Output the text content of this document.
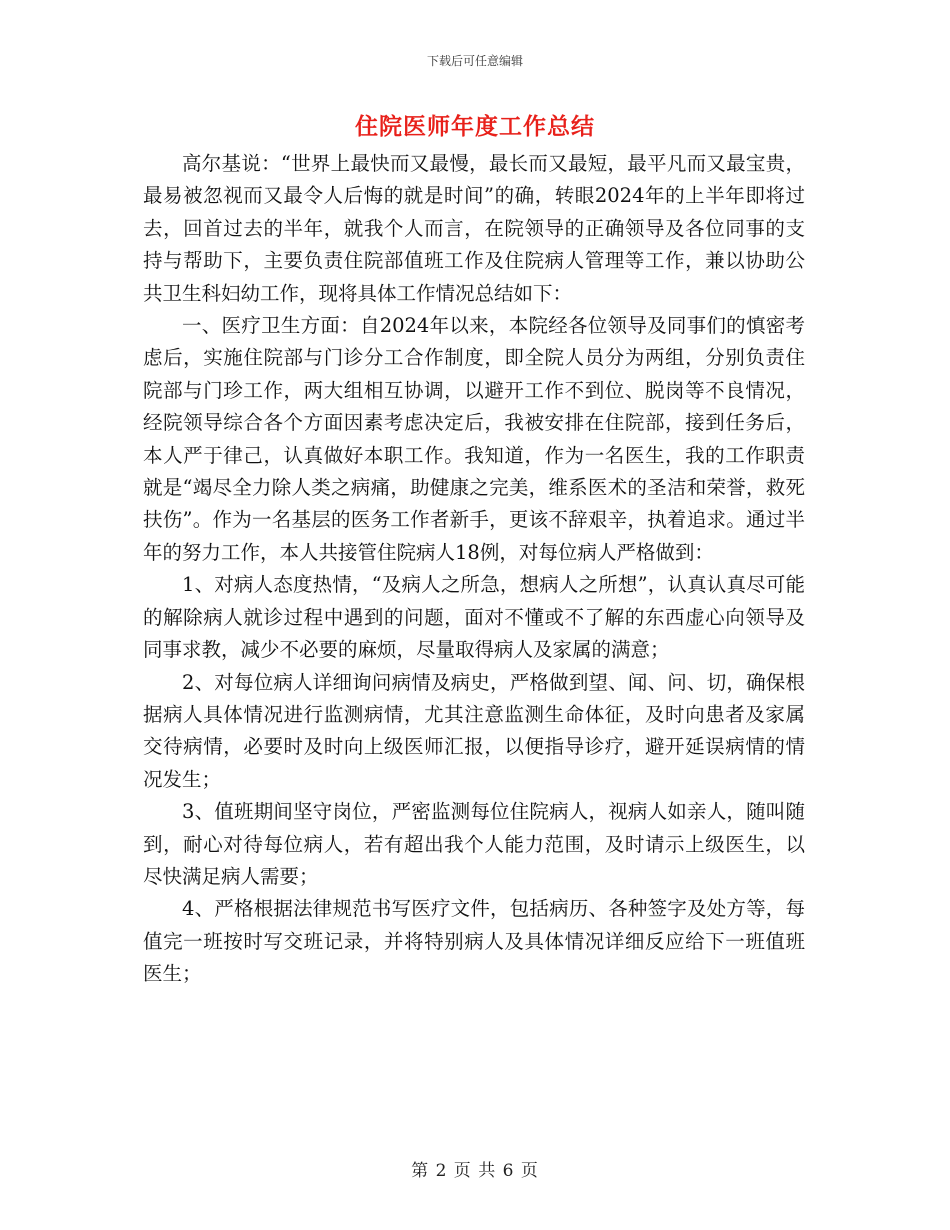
下载后可任意编辑
住院医师年度工作总结

高尔基说：“世界上最快而又最慢，最长而又最短，最平凡而又最宝贵，最易被忽视而又最令人后悔的就是时间”的确，转眼2024年的上半年即将过去，回首过去的半年，就我个人而言，在院领导的正确领导及各位同事的支持与帮助下，主要负责住院部值班工作及住院病人管理等工作，兼以协助公共卫生科妇幼工作，现将具体工作情况总结如下：

一、医疗卫生方面：自2024年以来，本院经各位领导及同事们的慎密考虑后，实施住院部与门诊分工合作制度，即全院人员分为两组，分别负责住院部与门珍工作，两大组相互协调，以避开工作不到位、脱岗等不良情况，经院领导综合各个方面因素考虑决定后，我被安排在住院部，接到任务后，本人严于律己，认真做好本职工作。我知道，作为一名医生，我的工作职责就是“竭尽全力除人类之病痛，助健康之完美，维系医术的圣洁和荣誉，救死扶伤”。作为一名基层的医务工作者新手，更该不辞艰辛，执着追求。通过半年的努力工作，本人共接管住院病人18例，对每位病人严格做到：

1、对病人态度热情，“及病人之所急，想病人之所想”，认真认真尽可能的解除病人就诊过程中遇到的问题，面对不懂或不了解的东西虚心向领导及同事求教，减少不必要的麻烦，尽量取得病人及家属的满意；

2、对每位病人详细询问病情及病史，严格做到望、闻、问、切，确保根据病人具体情况进行监测病情，尤其注意监测生命体征，及时向患者及家属交待病情，必要时及时向上级医师汇报，以便指导诊疗，避开延误病情的情况发生；

3、值班期间坚守岗位，严密监测每位住院病人，视病人如亲人，随叫随到，耐心对待每位病人，若有超出我个人能力范围，及时请示上级医生，以尽快满足病人需要；

4、严格根据法律规范书写医疗文件，包括病历、各种签字及处方等，每值完一班按时写交班记录，并将特别病人及具体情况详细反应给下一班值班医生；

第 2 页 共 6 页
